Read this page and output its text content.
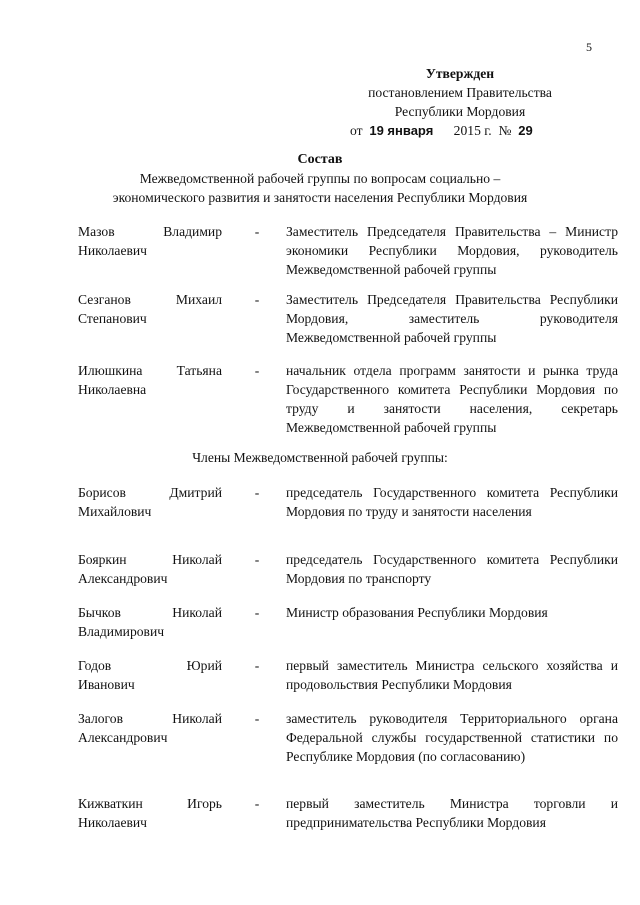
5
Утвержден
постановлением Правительства
Республики Мордовия
от 19 января 2015 г. № 29
Состав
Межведомственной рабочей группы по вопросам социально –
экономического развития и занятости населения Республики Мордовия
Мазов Владимир
Николаевич
- Заместитель Председателя Правительства – Министр экономики Республики Мордовия, руководитель Межведомственной рабочей группы
Сезганов Михаил
Степанович
- Заместитель Председателя Правительства Республики Мордовия, заместитель руководителя Межведомственной рабочей группы
Илюшкина Татьяна
Николаевна
- начальник отдела программ занятости и рынка труда Государственного комитета Республики Мордовия по труду и занятости населения, секретарь Межведомственной рабочей группы
Члены Межведомственной рабочей группы:
Борисов Дмитрий
Михайлович
- председатель Государственного комитета Республики Мордовия по труду и занятости населения
Бояркин Николай
Александрович
- председатель Государственного комитета Республики Мордовия по транспорту
Бычков Николай
Владимирович
- Министр образования Республики Мордовия
Годов Юрий
Иванович
- первый заместитель Министра сельского хозяйства и продовольствия Республики Мордовия
Залогов Николай
Александрович
- заместитель руководителя Территориального органа Федеральной службы государственной статистики по Республике Мордовия (по согласованию)
Кижваткин Игорь
Николаевич
- первый заместитель Министра торговли и предпринимательства Республики Мордовия
